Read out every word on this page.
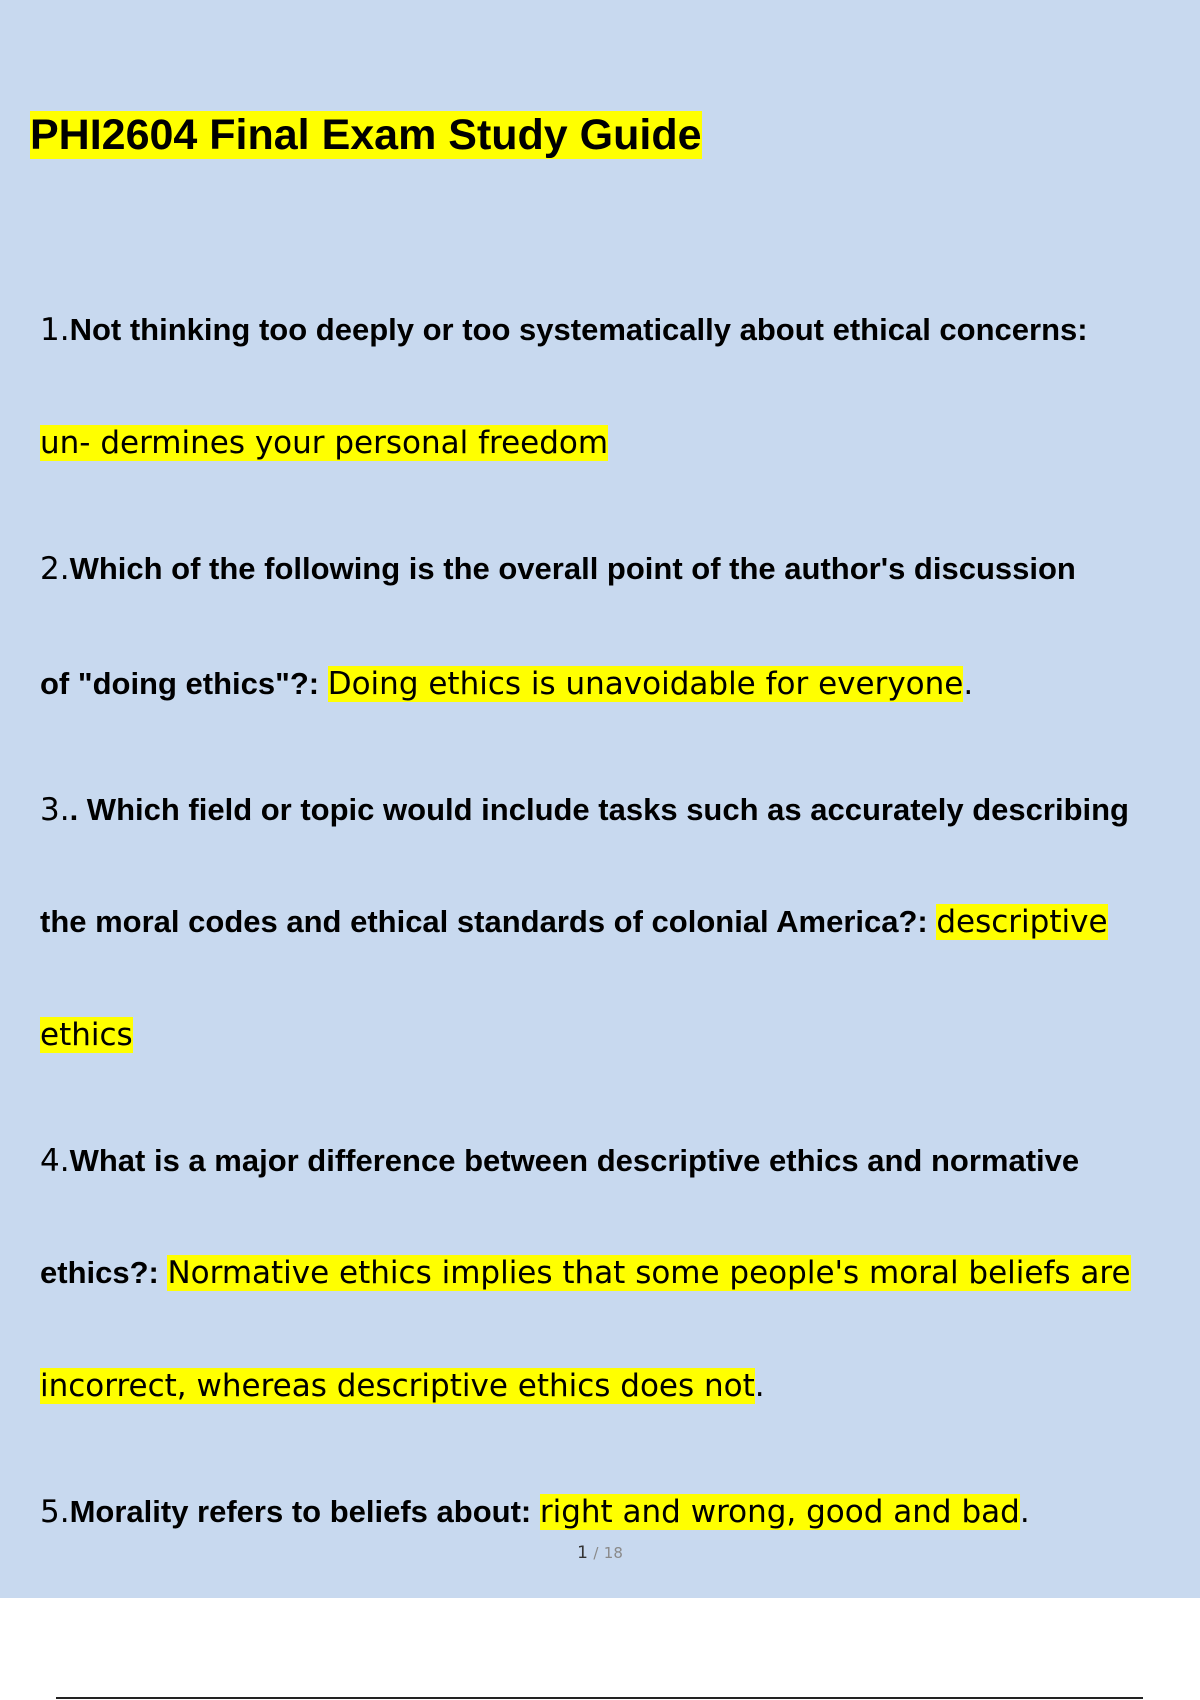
PHI2604 Final Exam Study Guide

1.Not thinking too deeply or too systematically about ethical concerns:

un- dermines your personal freedom

2.Which of the following is the overall point of the author's discussion

of "doing ethics"?: Doing ethics is unavoidable for everyone.

3.. Which field or topic would include tasks such as accurately describing

the moral codes and ethical standards of colonial America?: descriptive

ethics

4.What is a major difference between descriptive ethics and normative

ethics?: Normative ethics implies that some people's moral beliefs are

incorrect, whereas descriptive ethics does not.

5.Morality refers to beliefs about: right and wrong, good and bad.

1 / 18
